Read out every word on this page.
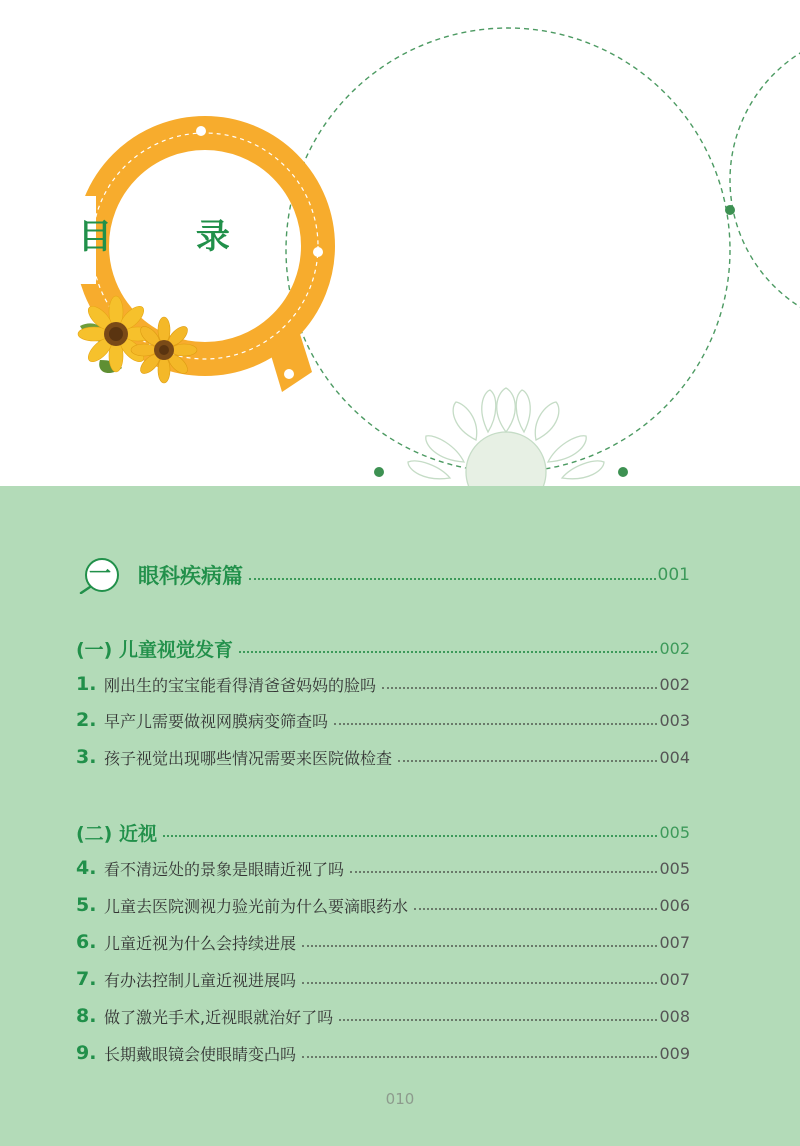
目 录
一	眼科疾病篇	001
(一) 儿童视觉发育	002
1. 刚出生的宝宝能看得清爸爸妈妈的脸吗	002
2. 早产儿需要做视网膜病变筛查吗	003
3. 孩子视觉出现哪些情况需要来医院做检查	004
(二) 近视	005
4. 看不清远处的景象是眼睛近视了吗	005
5. 儿童去医院测视力验光前为什么要滴眼药水	006
6. 儿童近视为什么会持续进展	007
7. 有办法控制儿童近视进展吗	007
8. 做了激光手术,近视眼就治好了吗	008
9. 长期戴眼镜会使眼睛变凸吗	009
010
